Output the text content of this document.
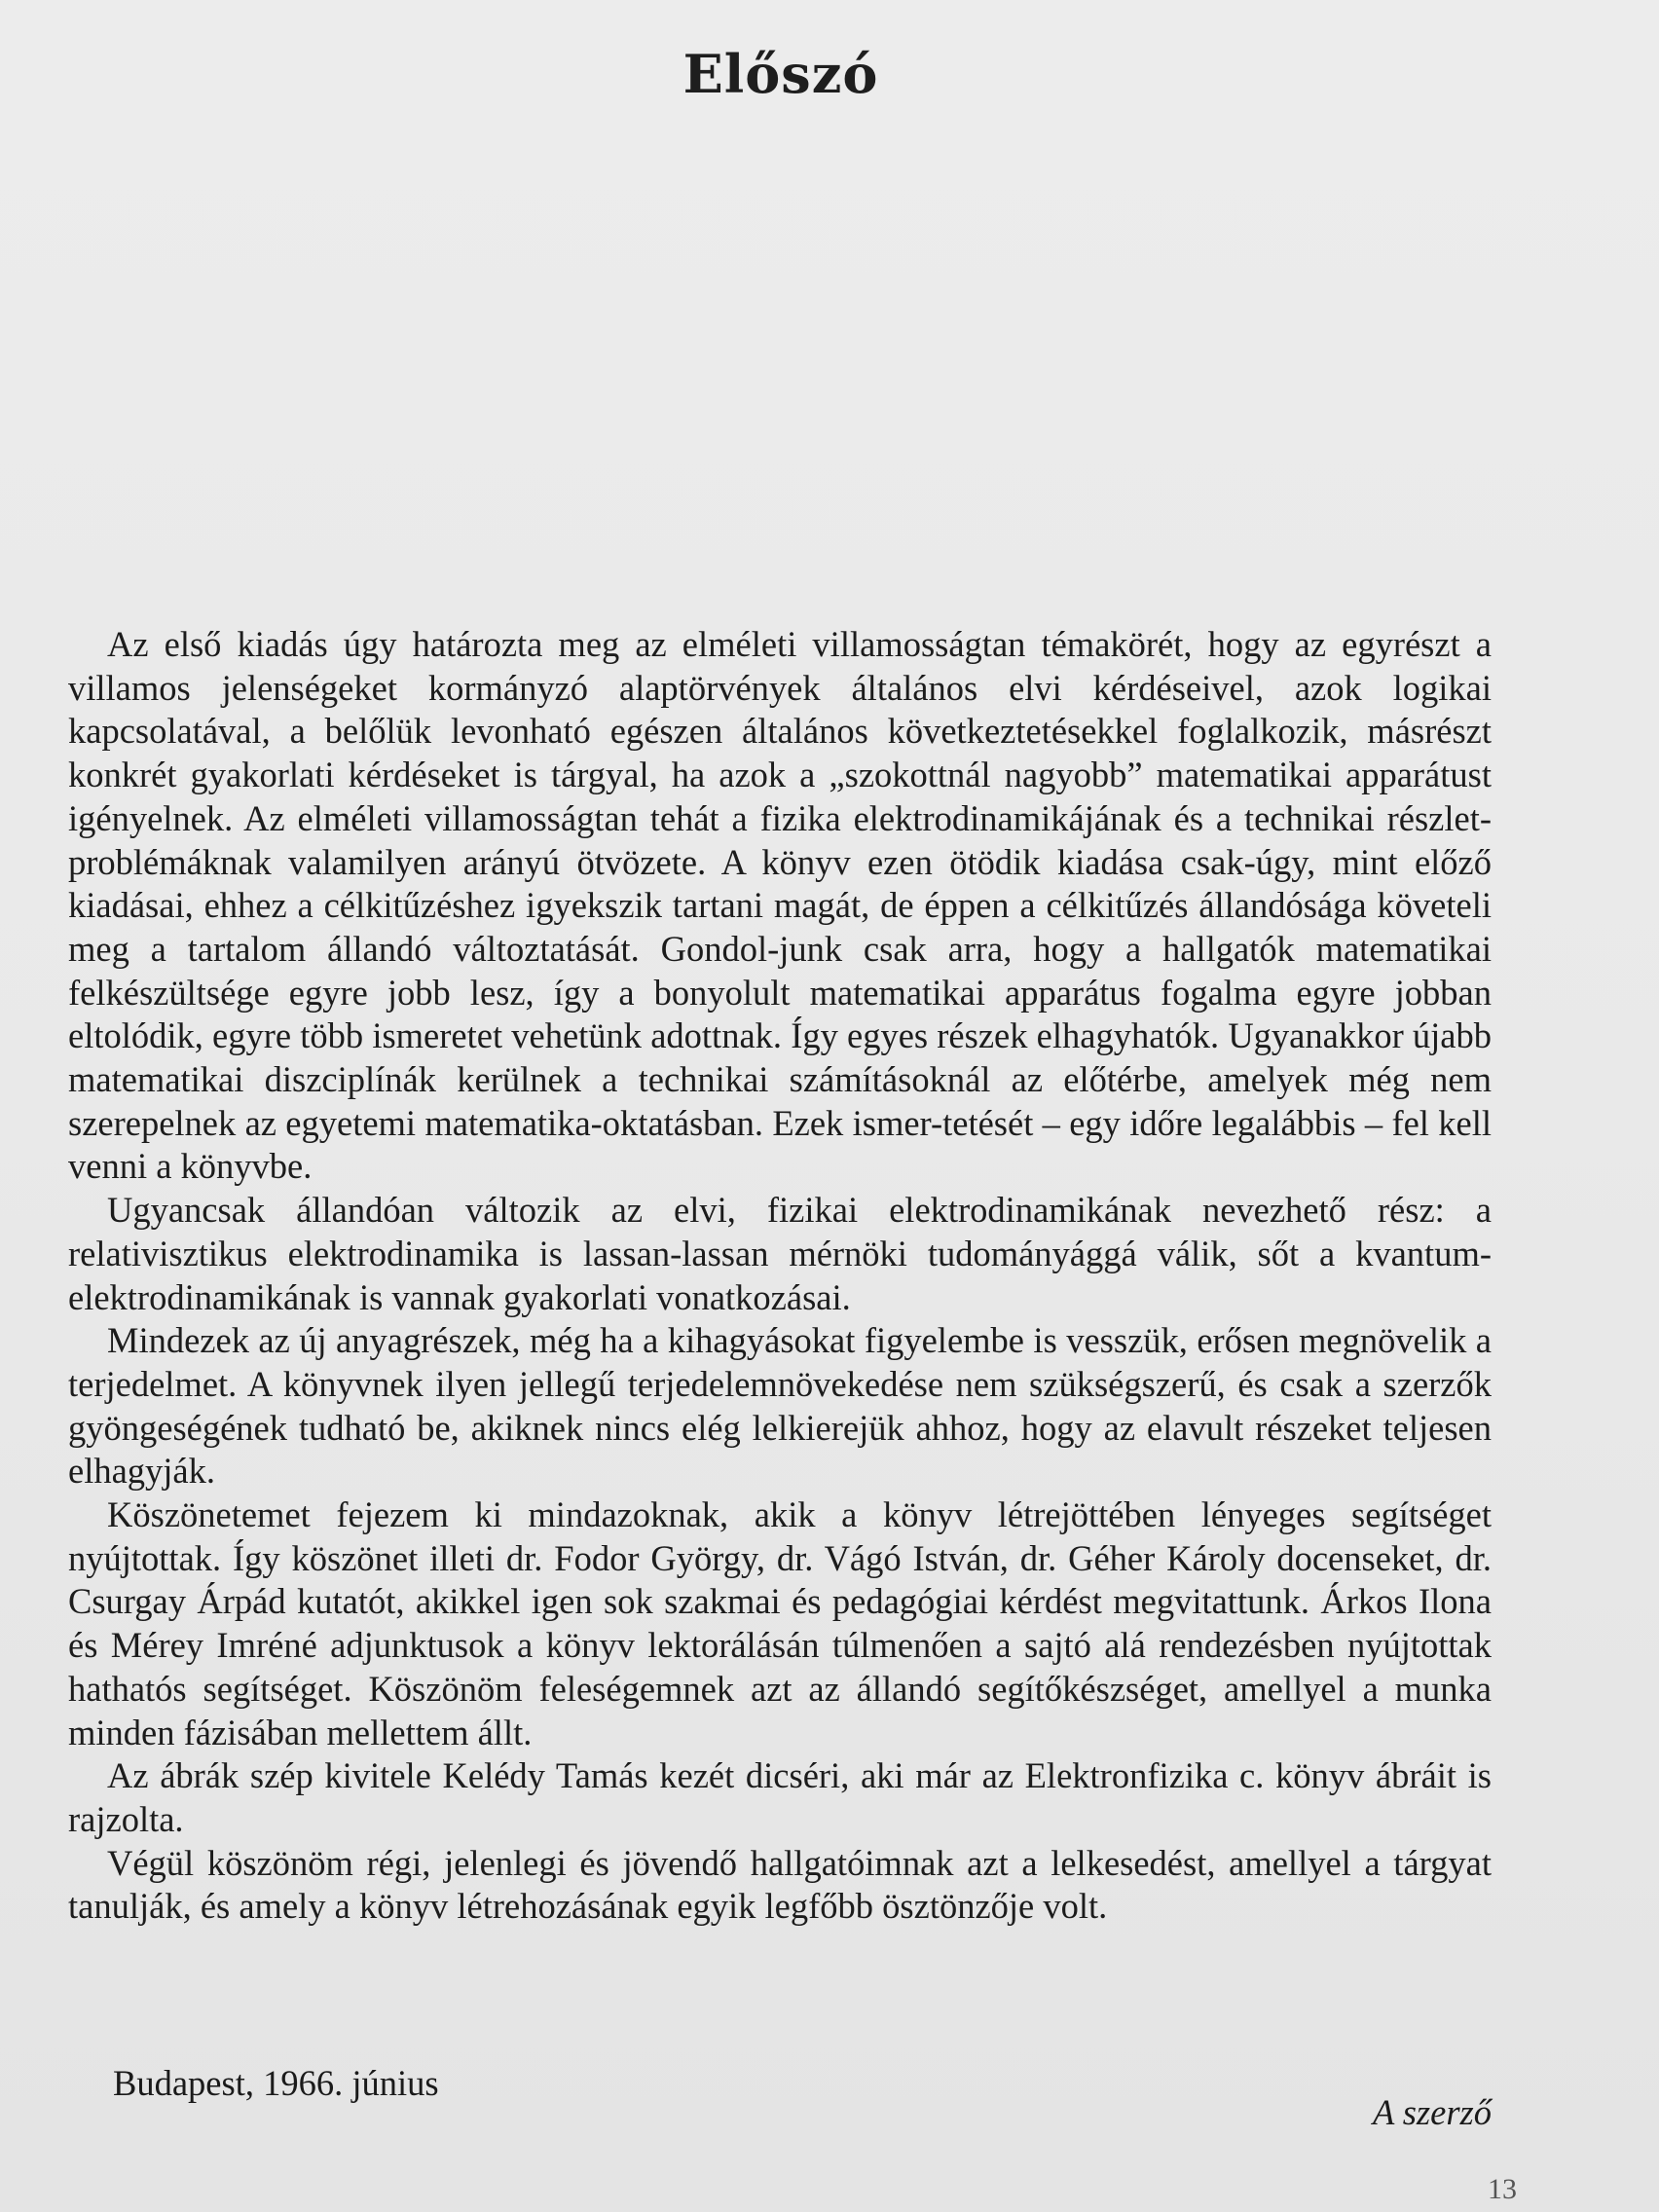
Előszó

Az első kiadás úgy határozta meg az elméleti villamosságtan témakörét, hogy az egyrészt a villamos jelenségeket kormányzó alaptörvények általános elvi kérdéseivel, azok logikai kapcsolatával, a belőlük levonható egészen általános következtetésekkel foglalkozik, másrészt konkrét gyakorlati kérdéseket is tárgyal, ha azok a „szokottnál nagyobb” matematikai apparátust igényelnek. Az elméleti villamosságtan tehát a fizika elektrodinamikájának és a technikai részlet-problémáknak valamilyen arányú ötvözete. A könyv ezen ötödik kiadása csak-úgy, mint előző kiadásai, ehhez a célkitűzéshez igyekszik tartani magát, de éppen a célkitűzés állandósága követeli meg a tartalom állandó változtatását. Gondol-junk csak arra, hogy a hallgatók matematikai felkészültsége egyre jobb lesz, így a bonyolult matematikai apparátus fogalma egyre jobban eltolódik, egyre több ismeretet vehetünk adottnak. Így egyes részek elhagyhatók. Ugyanakkor újabb matematikai diszciplínák kerülnek a technikai számításoknál az előtérbe, amelyek még nem szerepelnek az egyetemi matematika-oktatásban. Ezek ismer-tetését – egy időre legalábbis – fel kell venni a könyvbe.

Ugyancsak állandóan változik az elvi, fizikai elektrodinamikának nevezhető rész: a relativisztikus elektrodinamika is lassan-lassan mérnöki tudományággá válik, sőt a kvantum-elektrodinamikának is vannak gyakorlati vonatkozásai.

Mindezek az új anyagrészek, még ha a kihagyásokat figyelembe is vesszük, erősen megnövelik a terjedelmet. A könyvnek ilyen jellegű terjedelemnövekedése nem szükségszerű, és csak a szerzők gyöngeségének tudható be, akiknek nincs elég lelkierejük ahhoz, hogy az elavult részeket teljesen elhagyják.

Köszönetemet fejezem ki mindazoknak, akik a könyv létrejöttében lényeges segítséget nyújtottak. Így köszönet illeti dr. Fodor György, dr. Vágó István, dr. Géher Károly docenseket, dr. Csurgay Árpád kutatót, akikkel igen sok szakmai és pedagógiai kérdést megvitattunk. Árkos Ilona és Mérey Imréné adjunktusok a könyv lektorálásán túlmenően a sajtó alá rendezésben nyújtottak hathatós segítséget. Köszönöm feleségemnek azt az állandó segítőkészséget, amellyel a munka minden fázisában mellettem állt.

Az ábrák szép kivitele Kelédy Tamás kezét dicséri, aki már az Elektronfizika c. könyv ábráit is rajzolta.

Végül köszönöm régi, jelenlegi és jövendő hallgatóimnak azt a lelkesedést, amellyel a tárgyat tanulják, és amely a könyv létrehozásának egyik legfőbb ösztönzője volt.

Budapest, 1966. június
A szerző
13
